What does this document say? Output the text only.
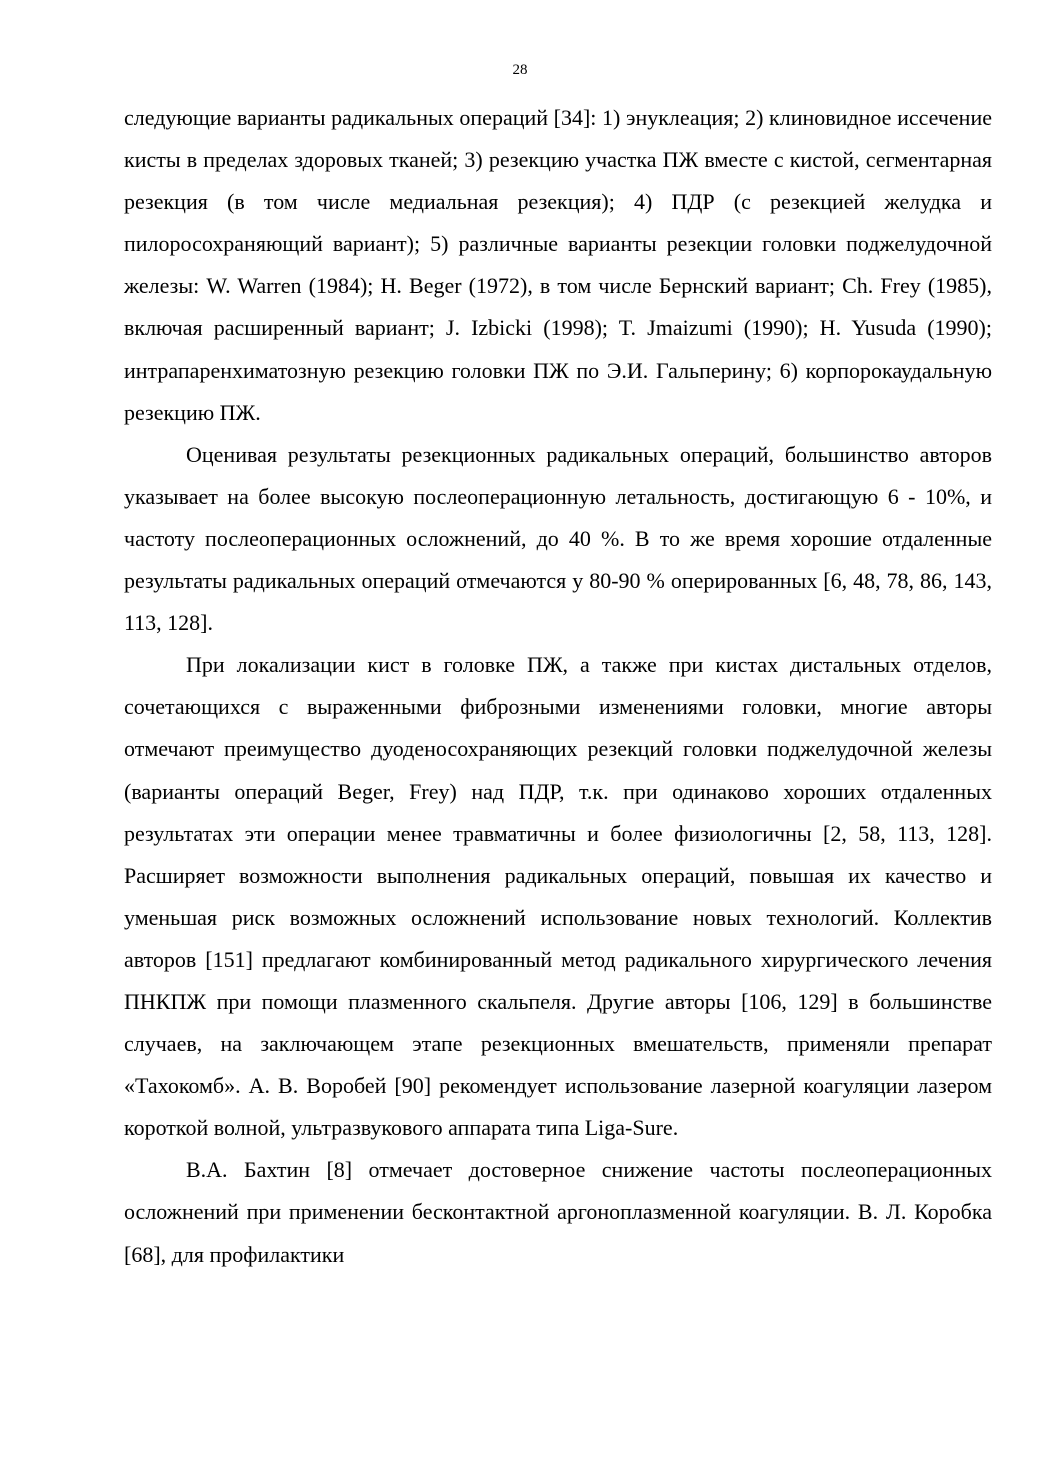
28

следующие варианты радикальных операций [34]: 1) энуклеация; 2) клиновидное иссечение кисты в пределах здоровых тканей; 3) резекцию участка ПЖ вместе с кистой, сегментарная резекция (в том числе медиальная резекция); 4) ПДР (с резекцией желудка и пилоросохраняющий вариант); 5) различные варианты резекции головки поджелудочной железы: W. Warren (1984); H. Beger (1972), в том числе Бернский вариант; Ch. Frey (1985), включая расширенный вариант; J. Izbicki (1998); T. Jmaizumi (1990); H. Yusuda (1990); интрапаренхиматозную резекцию головки ПЖ по Э.И. Гальперину; 6) корпорокаудальную резекцию ПЖ.

Оценивая результаты резекционных радикальных операций, большинство авторов указывает на более высокую послеоперационную летальность, достигающую 6 - 10%, и частоту послеоперационных осложнений, до 40 %. В то же время хорошие отдаленные результаты радикальных операций отмечаются у 80-90 % оперированных [6, 48, 78, 86, 143, 113, 128].

При локализации кист в головке ПЖ, а также при кистах дистальных отделов, сочетающихся с выраженными фиброзными изменениями головки, многие авторы отмечают преимущество дуоденосохраняющих резекций головки поджелудочной железы (варианты операций Beger, Frey) над ПДР, т.к. при одинаково хороших отдаленных результатах эти операции менее травматичны и более физиологичны [2, 58, 113, 128]. Расширяет возможности выполнения радикальных операций, повышая их качество и уменьшая риск возможных осложнений использование новых технологий. Коллектив авторов [151] предлагают комбинированный метод радикального хирургического лечения ПНКПЖ при помощи плазменного скальпеля. Другие авторы [106, 129] в большинстве случаев, на заключающем этапе резекционных вмешательств, применяли препарат «Тахокомб». А. В. Воробей [90] рекомендует использование лазерной коагуляции лазером короткой волной, ультразвукового аппарата типа Liga-Sure.

В.А. Бахтин [8] отмечает достоверное снижение частоты послеоперационных осложнений при применении бесконтактной аргоноплазменной коагуляции. В. Л. Коробка [68], для профилактики
